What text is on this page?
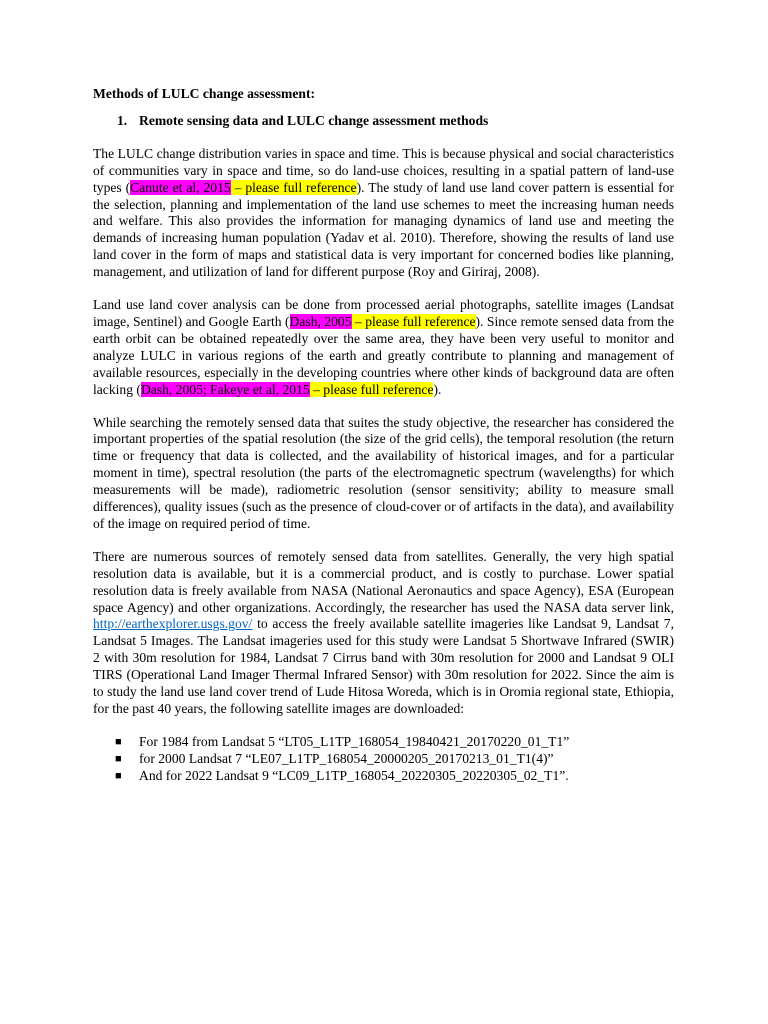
Methods of LULC change assessment:
1. Remote sensing data and LULC change assessment methods

The LULC change distribution varies in space and time. This is because physical and social characteristics of communities vary in space and time, so do land-use choices, resulting in a spatial pattern of land-use types (Canute et al, 2015 – please full reference). The study of land use land cover pattern is essential for the selection, planning and implementation of the land use schemes to meet the increasing human needs and welfare. This also provides the information for managing dynamics of land use and meeting the demands of increasing human population (Yadav et al. 2010). Therefore, showing the results of land use land cover in the form of maps and statistical data is very important for concerned bodies like planning, management, and utilization of land for different purpose (Roy and Giriraj, 2008).

Land use land cover analysis can be done from processed aerial photographs, satellite images (Landsat image, Sentinel) and Google Earth (Dash, 2005 – please full reference). Since remote sensed data from the earth orbit can be obtained repeatedly over the same area, they have been very useful to monitor and analyze LULC in various regions of the earth and greatly contribute to planning and management of available resources, especially in the developing countries where other kinds of background data are often lacking (Dash, 2005; Fakeye et al, 2015 – please full reference).

While searching the remotely sensed data that suites the study objective, the researcher has considered the important properties of the spatial resolution (the size of the grid cells), the temporal resolution (the return time or frequency that data is collected, and the availability of historical images, and for a particular moment in time), spectral resolution (the parts of the electromagnetic spectrum (wavelengths) for which measurements will be made), radiometric resolution (sensor sensitivity; ability to measure small differences), quality issues (such as the presence of cloud-cover or of artifacts in the data), and availability of the image on required period of time.

There are numerous sources of remotely sensed data from satellites. Generally, the very high spatial resolution data is available, but it is a commercial product, and is costly to purchase. Lower spatial resolution data is freely available from NASA (National Aeronautics and space Agency), ESA (European space Agency) and other organizations. Accordingly, the researcher has used the NASA data server link, http://earthexplorer.usgs.gov/ to access the freely available satellite imageries like Landsat 9, Landsat 7, Landsat 5 Images. The Landsat imageries used for this study were Landsat 5 Shortwave Infrared (SWIR) 2 with 30m resolution for 1984, Landsat 7 Cirrus band with 30m resolution for 2000 and Landsat 9 OLI TIRS (Operational Land Imager Thermal Infrared Sensor) with 30m resolution for 2022. Since the aim is to study the land use land cover trend of Lude Hitosa Woreda, which is in Oromia regional state, Ethiopia, for the past 40 years, the following satellite images are downloaded:

■	For 1984 from Landsat 5 “LT05_L1TP_168054_19840421_20170220_01_T1”
■	for 2000 Landsat 7 “LE07_L1TP_168054_20000205_20170213_01_T1(4)”
■	And for 2022 Landsat 9 “LC09_L1TP_168054_20220305_20220305_02_T1”.
